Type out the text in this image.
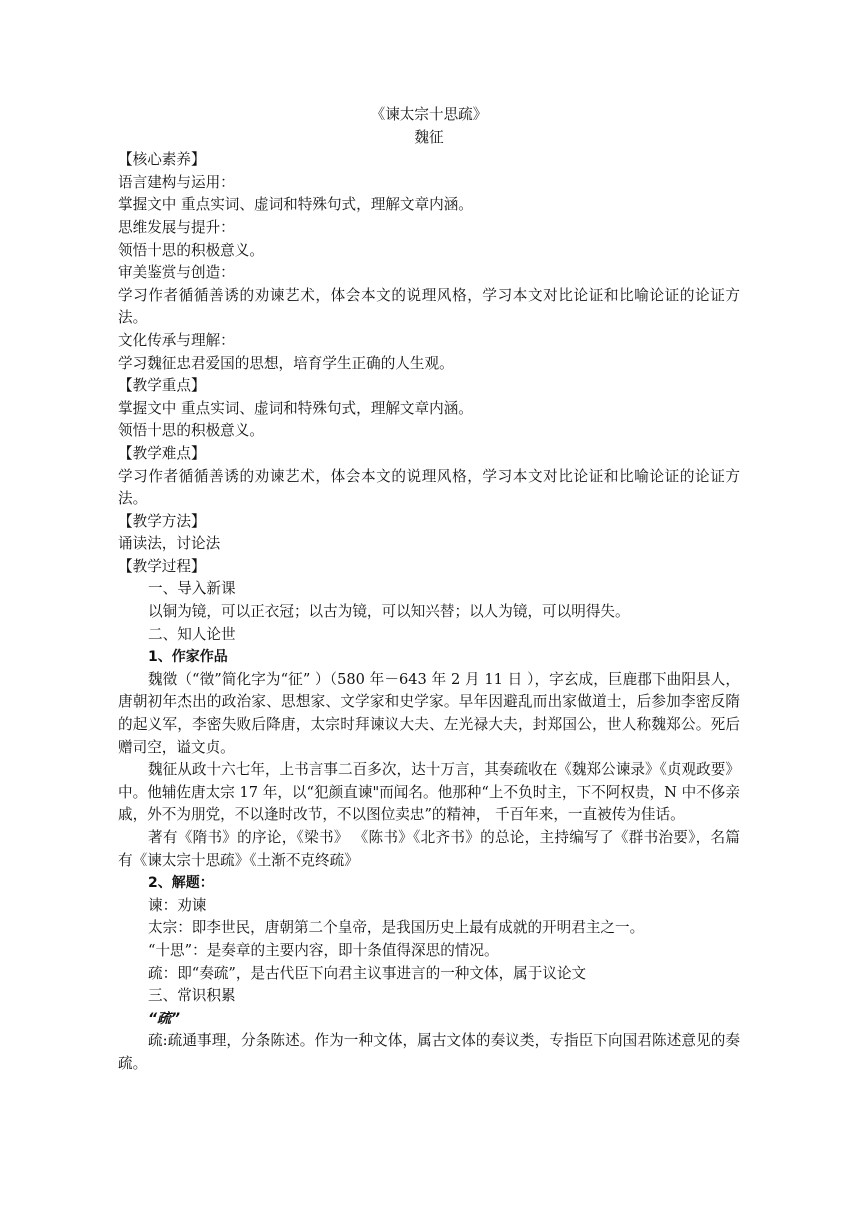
《谏太宗十思疏》
魏征
【核心素养】
语言建构与运用：
掌握文中 重点实词、虚词和特殊句式，理解文章内涵。
思维发展与提升：
领悟十思的积极意义。
审美鉴赏与创造：
学习作者循循善诱的劝谏艺术，体会本文的说理风格，学习本文对比论证和比喻论证的论证方法。
文化传承与理解：
学习魏征忠君爱国的思想，培育学生正确的人生观。
【教学重点】
掌握文中 重点实词、虚词和特殊句式，理解文章内涵。
领悟十思的积极意义。
【教学难点】
学习作者循循善诱的劝谏艺术，体会本文的说理风格，学习本文对比论证和比喻论证的论证方法。
【教学方法】
诵读法，讨论法
【教学过程】
一、导入新课
以铜为镜，可以正衣冠；以古为镜，可以知兴替；以人为镜，可以明得失。
二、知人论世
1、作家作品
魏徵（“徵”简化字为“征” ）（580 年－643 年 2 月 11 日 ），字玄成，巨鹿郡下曲阳县人，唐朝初年杰出的政治家、思想家、文学家和史学家。早年因避乱而出家做道士，后参加李密反隋的起义军，李密失败后降唐，太宗时拜谏议大夫、左光禄大夫，封郑国公，世人称魏郑公。死后赠司空，谥文贞。
魏征从政十六七年，上书言事二百多次，达十万言，其奏疏收在《魏郑公谏录》《贞观政要》中。他辅佐唐太宗 17 年，以“犯颜直谏"而闻名。他那种“上不负时主，下不阿权贵，N 中不侈亲戚，外不为朋党，不以逢时改节，不以图位卖忠”的精神， 千百年来，一直被传为佳话。
著有《隋书》的序论，《梁书》 《陈书》《北齐书》的总论，主持编写了《群书治要》，名篇有《谏太宗十思疏》《土渐不克终疏》
2、解题：
谏：劝谏
太宗：即李世民，唐朝第二个皇帝，是我国历史上最有成就的开明君主之一。
“十思”：是奏章的主要内容，即十条值得深思的情况。
疏：即“奏疏”，是古代臣下向君主议事进言的一种文体，属于议论文
三、常识积累
“疏”
疏:疏通事理，分条陈述。作为一种文体，属古文体的奏议类，专指臣下向国君陈述意见的奏疏。
